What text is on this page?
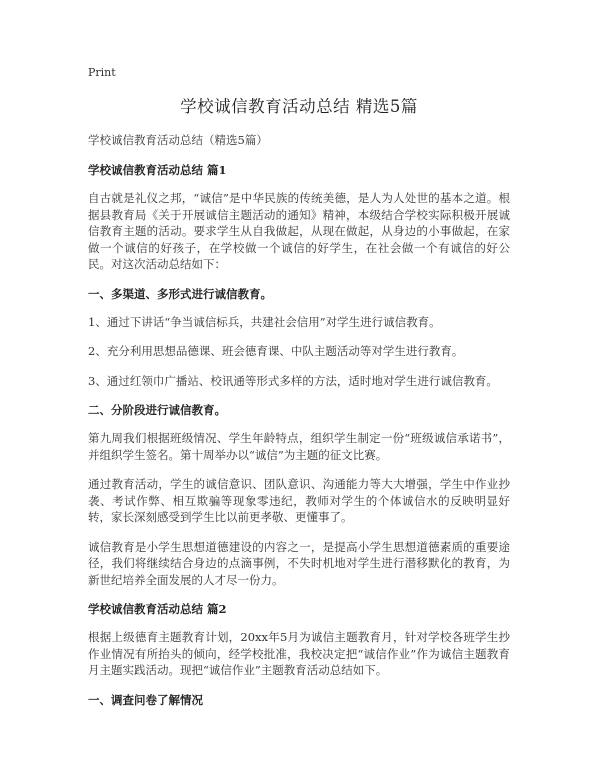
Print
学校诚信教育活动总结 精选5篇
学校诚信教育活动总结（精选5篇）
学校诚信教育活动总结 篇1
自古就是礼仪之邦，“诚信”是中华民族的传统美德，是人为人处世的基本之道。根据县教育局《关于开展诚信主题活动的通知》精神，本级结合学校实际积极开展诚信教育主题的活动。要求学生从自我做起，从现在做起，从身边的小事做起，在家做一个诚信的好孩子，在学校做一个诚信的好学生，在社会做一个有诚信的好公民。对这次活动总结如下：
一、多渠道、多形式进行诚信教育。
1、通过下讲话“争当诚信标兵，共建社会信用”对学生进行诚信教育。
2、充分利用思想品德课、班会德育课、中队主题活动等对学生进行教育。
3、通过红领巾广播站、校讯通等形式多样的方法，适时地对学生进行诚信教育。
二、分阶段进行诚信教育。
第九周我们根据班级情况、学生年龄特点，组织学生制定一份“班级诚信承诺书”，并组织学生签名。第十周举办以“诚信”为主题的征文比赛。
通过教育活动，学生的诚信意识、团队意识、沟通能力等大大增强，学生中作业抄袭、考试作弊、相互欺骗等现象零违纪，教师对学生的个体诚信水的反映明显好转，家长深刻感受到学生比以前更孝敬、更懂事了。
诚信教育是小学生思想道德建设的内容之一，是提高小学生思想道德素质的重要途径，我们将继续结合身边的点滴事例，不失时机地对学生进行潜移默化的教育，为新世纪培养全面发展的人才尽一份力。
学校诚信教育活动总结 篇2
根据上级德育主题教育计划，20xx年5月为诚信主题教育月，针对学校各班学生抄作业情况有所抬头的倾向，经学校批准，我校决定把“诚信作业”作为诚信主题教育月主题实践活动。现把“诚信作业”主题教育活动总结如下。
一、调查问卷了解情况
